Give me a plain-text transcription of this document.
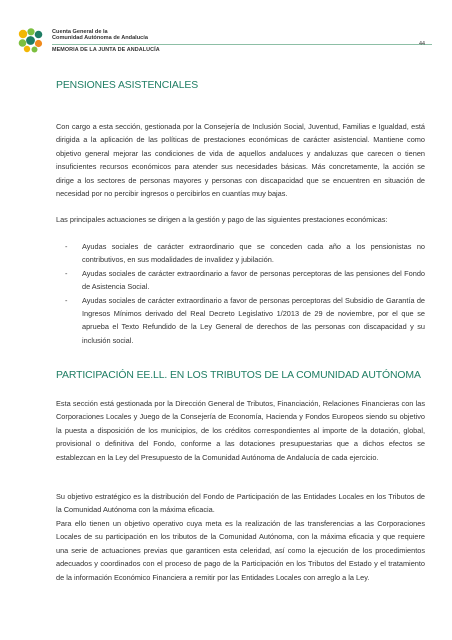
Cuenta General de la
Comunidad Autónoma de Andalucía
MEMORIA DE LA JUNTA DE ANDALUCÍA
44
PENSIONES ASISTENCIALES

Con cargo a esta sección, gestionada por la Consejería de Inclusión Social, Juventud, Familias e Igualdad, está dirigida a la aplicación de las políticas de prestaciones económicas de carácter asistencial. Mantiene como objetivo general mejorar las condiciones de vida de aquellos andaluces y andaluzas que carecen o tienen insuficientes recursos económicos para atender sus necesidades básicas. Más concretamente, la acción se dirige a los sectores de personas mayores y personas con discapacidad que se encuentren en situación de necesidad por no percibir ingresos o percibirlos en cuantías muy bajas.

Las principales actuaciones se dirigen a la gestión y pago de las siguientes prestaciones económicas:

- Ayudas sociales de carácter extraordinario que se conceden cada año a los pensionistas no contributivos, en sus modalidades de invalidez y jubilación.
- Ayudas sociales de carácter extraordinario a favor de personas perceptoras de las pensiones del Fondo de Asistencia Social.
- Ayudas sociales de carácter extraordinario a favor de personas perceptoras del Subsidio de Garantía de Ingresos Mínimos derivado del Real Decreto Legislativo 1/2013 de 29 de noviembre, por el que se aprueba el Texto Refundido de la Ley General de derechos de las personas con discapacidad y su inclusión social.
PARTICIPACIÓN EE.LL. EN LOS TRIBUTOS DE LA COMUNIDAD AUTÓNOMA

Esta sección está gestionada por la Dirección General de Tributos, Financiación, Relaciones Financieras con las Corporaciones Locales y Juego de la Consejería de Economía, Hacienda y Fondos Europeos siendo su objetivo la puesta a disposición de los municipios, de los créditos correspondientes al importe de la dotación, global, provisional o definitiva del Fondo, conforme a las dotaciones presupuestarias que a dichos efectos se establezcan en la Ley del Presupuesto de la Comunidad Autónoma de Andalucía de cada ejercicio.

Su objetivo estratégico es la distribución del Fondo de Participación de las Entidades Locales en los Tributos de la Comunidad Autónoma con la máxima eficacia.

Para ello tienen un objetivo operativo cuya meta es la realización de las transferencias a las Corporaciones Locales de su participación en los tributos de la Comunidad Autónoma, con la máxima eficacia y que requiere una serie de actuaciones previas que garanticen esta celeridad, así como la ejecución de los procedimientos adecuados y coordinados con el proceso de pago de la Participación en los Tributos del Estado y el tratamiento de la información Económico Financiera a remitir por las Entidades Locales con arreglo a la Ley.
